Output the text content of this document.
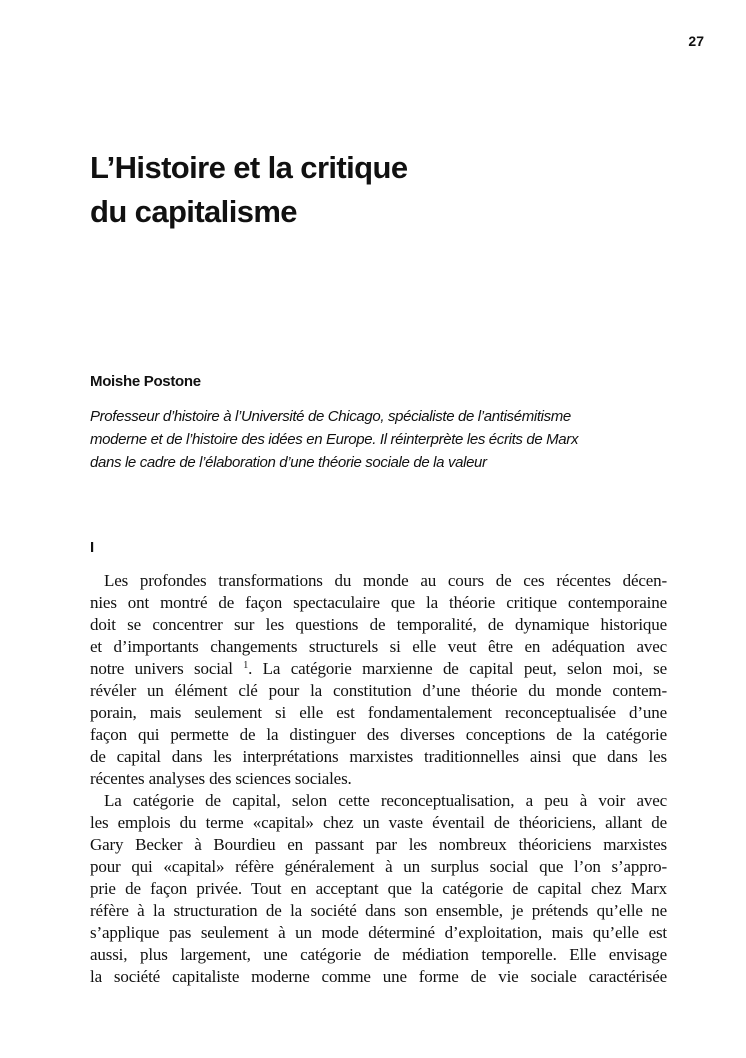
27
L’Histoire et la critique
du capitalisme
Moishe Postone
Professeur d’histoire à l’Université de Chicago, spécialiste de l’antisémitisme
moderne et de l’histoire des idées en Europe. Il réinterprète les écrits de Marx
dans le cadre de l’élaboration d’une théorie sociale de la valeur
I
Les profondes transformations du monde au cours de ces récentes décen-
nies ont montré de façon spectaculaire que la théorie critique contemporaine
doit se concentrer sur les questions de temporalité, de dynamique historique
et d’importants changements structurels si elle veut être en adéquation avec
notre univers social $^1$. La catégorie marxienne de capital peut, selon moi, se
révéler un élément clé pour la constitution d’une théorie du monde contem-
porain, mais seulement si elle est fondamentalement reconceptualisée d’une
façon qui permette de la distinguer des diverses conceptions de la catégorie
de capital dans les interprétations marxistes traditionnelles ainsi que dans les
récentes analyses des sciences sociales.
La catégorie de capital, selon cette reconceptualisation, a peu à voir avec
les emplois du terme «capital» chez un vaste éventail de théoriciens, allant de
Gary Becker à Bourdieu en passant par les nombreux théoriciens marxistes
pour qui «capital» réfère généralement à un surplus social que l’on s’appro-
prie de façon privée. Tout en acceptant que la catégorie de capital chez Marx
réfère à la structuration de la société dans son ensemble, je prétends qu’elle ne
s’applique pas seulement à un mode déterminé d’exploitation, mais qu’elle est
aussi, plus largement, une catégorie de médiation temporelle. Elle envisage
la société capitaliste moderne comme une forme de vie sociale caractérisée
